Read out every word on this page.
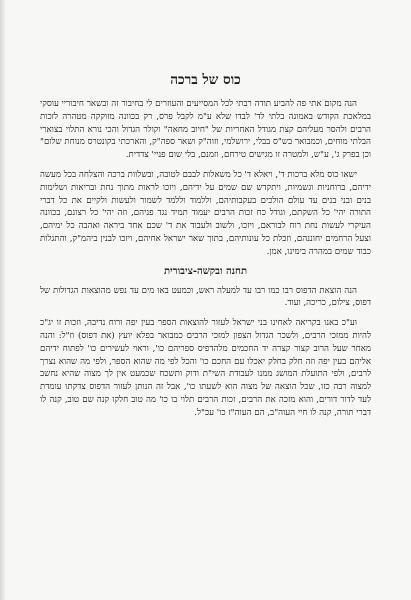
כוס של ברכה

הנה מקום אתי פה להביע תודה רבתי לכל המסייעים והעוזרים לי בחיבור זה ובשאר חיבוריי עוסקי במלאכת הקודש באמונה בלתי לד' לבדו שלא ע"מ לקבל פרס, רק בכוונה מזוקקה מטהרה לזכות הרבים ולהסר מעליהם קצת מגודל האחריות של "חיוב מחאה" וקולר הגדול והכי נורא התלוי בצוארי הבלתי מוחים, וכמבואר בש"ס בבלי, ירושלמי, וזוה"ק ושאר ספה"ק, והארכתי בקונטרס מנוחת שלום" וכן בפרק ג', ע"ש, ולמטרה זו מגישים טירחם, וזמנם, בלי שום פניי' צדדית.

ישאו כוס מלא ברכות ד', ויאלא ד' כל משאלות לבבם לטובה, ובשלוות ברכה והצלחה בכל מעשה ידיהם, ברוחניות וגשמיות, ויתקדש שם שמים על ידיהם, ויזכו לראות מתוך נחת ובריאות ושלימות בנים ובני בנים עד עולם הולכים בעקבותיהם, וללמוד וללמד לשמור ולעשות ולקיים את כל דברי התורה יהי' כל השקתם, וגודל כח זכות הרבים יעמוד תמיד נגד פניהם, וזה יהי' כל רצונם, בכוונה העיקרי לעשות נחת רוח לבוראם, ויזכו, ולשוב ולעבוד את ד' שכם אחד ביראה ואהבה כל ימיהם, וצעל הרחמים יחוננהם, וזכלת כל עונותיהם, בתוך שאר ישראל אחיהם, ויזכו לבנין ביהמ"ק, והתגלות כבוד שמים במהרה בימינו, אמן.

תחנה ובקשה-ציבורית

הנה הוצאת הדפוס רבו כמו רבו עד למעלה ראש, וכמעט באו מים עד נפש מהוצאות הגדולות של דפוס, צילום, כריכה, ועוד.

וע"כ באנו בקריאה לאחינו בני ישראל לעזור להוצאות הספר בעין יפה ורוח נדיבה, וזכות זו יג"כ להיות ממזכי הרבים, ולשכר הגדול הצפון למזכי הרבים כמבואר בפלא יועץ (את דפוס) וז"ל: והנה מאחר שעל הרוב קצור קצרה יד החכמים מלהדפיס ספריהם כו', וראוי לעשירים כו' לפתוח ידיהם אליהם בעין יפה וזה חלק בחלק יאכלו עם החכם כו' והכל לפי מה שהוא הספר, ולפי מה שהוא נצרך לרבים, ולפי התועלת המושג ממנו לעבודת השי"ת ודוק ותשכח שכמעט אין לך מצוה שהיא נחשב למצוה רבה כזו, שכל הוצאה של מצוה הוא לשעתו כו', אבל זה הנותן לעזור הדפוס צדקתו עומדת לעד לדור דורים, והוא מזכה את הרבים, זכות הרבים תלוי בו כו' מה טוב חלקו קנה שם טוב, קנה לו דברי תורה, קנה לו חיי העוה"ב, הם העוה"ז כו' עכ"ל.
